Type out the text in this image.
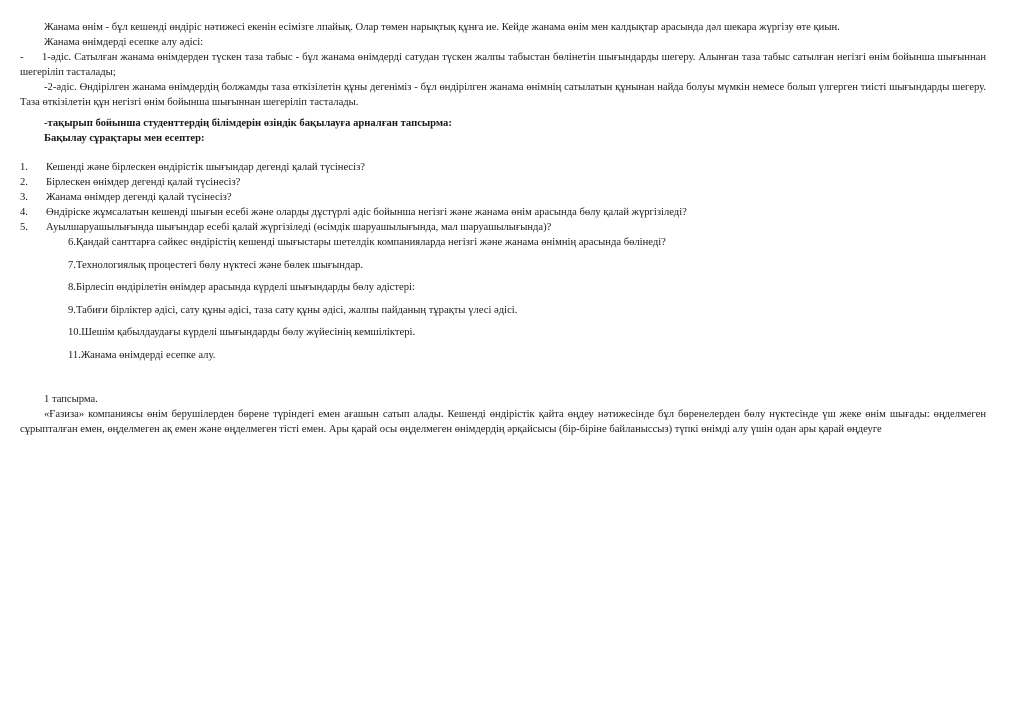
Жанама өнім - бұл кешенді өндіріс нәтижесі екенін есімізге лпайық. Олар төмен нарықтық құнға ие. Кейде жанама өнім мен калдықтар арасында дәл шекара жүргізу өте қиын.

Жанама өнімдерді есепке алу әдісі:

- 1-әдіс. Сатылған жанама өнімдерден түскен таза табыс - бұл жанама өнімдерді сатудан түскен жалпы табыстан бөлінетін шығындарды шегеру. Алынған таза табыс сатылған негізгі өнім бойынша шығыннан шегеріліп тасталады;

-2-әдіс. Өндірілген жанама өнімдердің болжамды таза өткізілетін құны дегеніміз - бұл өндірілген жанама өнімнің сатылатын құнынан найда болуы мүмкін немесе болып үлгерген тиісті шығындарды шегеру. Таза өткізілетін құн негізгі өнім бойынша шығыннан шегеріліп тасталады.

-тақырып бойынша студенттердің білімдерін өзіндік бақылауға арналған тапсырма:

Бақылау сұрақтары мен есептер:

1.	Кешенді және бірлескен өндірістік шығындар дегенді қалай түсінесіз?
2.	Бірлескен өнімдер дегенді қалай түсінесіз?
3.	Жанама өнімдер дегенді қалай түсінесіз?
4.	Өндіріске жұмсалатын кешенді шығын есебі және оларды дұстүрлі әдіс бойынша негізгі және жанама өнім арасында бөлу қалай жүргізіледі?
5.	Ауылшаруашылығында шығындар есебі қалай жүргізіледі (өсімдік шаруашылығында, мал шаруашылығында)?

6.Қандай санттарға сәйкес өндірістің кешенді шығыстары шетелдік компанияларда негізгі және жанама өнімнің арасында бөлінеді?

7.Технологиялық процестегі бөлу нүктесі және бөлек шығындар.

8.Бірлесіп өндірілетін өнімдер арасында күрделі шығындарды бөлу әдістері:

9.Табиғи бірліктер әдісі, сату құны әдісі, таза сату құны әдісі, жалпы пайданың тұрақты үлесі әдісі.

10.Шешім қабылдаудағы күрделі шығындарды бөлу жүйесінің кемшіліктері.

11.Жанама өнімдерді есепке алу.

1 тапсырма.

«Ғазиза» компаниясы өнім берушілерден бөрене түріндегі емен ағашын сатып алады. Кешенді өндірістік қайта өңдеу нәтижесінде бұл бөренелерден бөлу нүктесінде үш жеке өнім шығады: өңделмеген сұрыпталған емен, өңделмеген ақ емен және өңделмеген тісті емен. Ары қарай осы өңделмеген өнімдердің әрқайсысы (бір-біріне байланыссыз) түпкі өнімді алу үшін одан ары қарай өңдеуге
